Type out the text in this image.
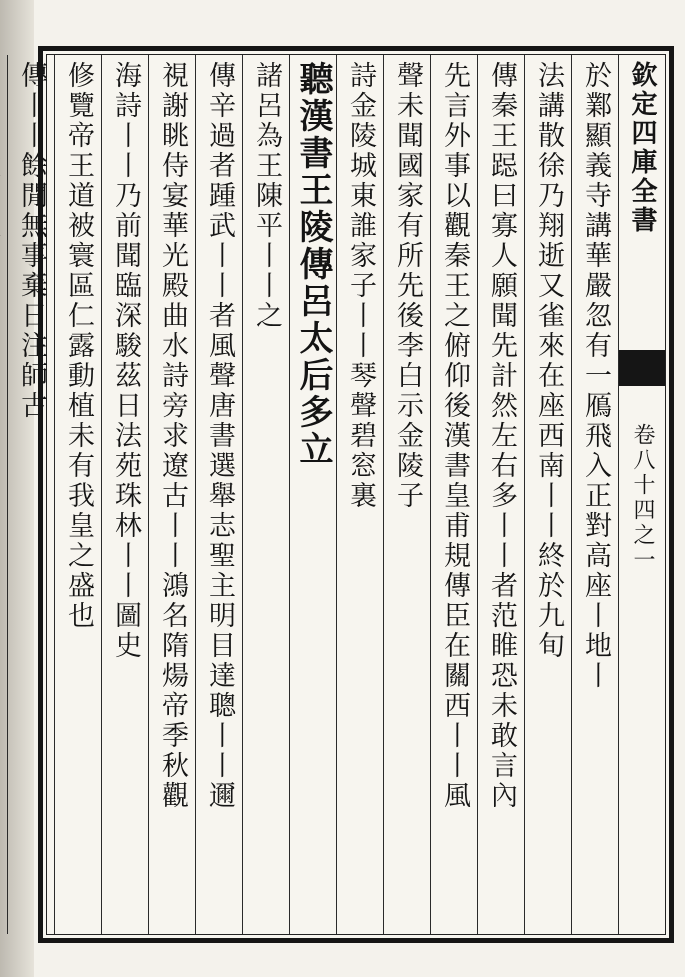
欽定四庫全書
卷八十四之一
於鄴顯義寺講華嚴忽有一鴈飛入正對高座丨地丨
法講散徐乃翔逝又雀來在座西南丨丨終於九旬
傳秦王跽曰寡人願聞先計然左右多丨丨者范睢恐未敢言內
先言外事以觀秦王之俯仰後漢書皇甫規傳臣在關西丨丨風
聲未聞國家有所先後李白示金陵子
詩金陵城東誰家子丨丨琴聲碧窓裏
聽漢書王陵傳呂太后多立
諸呂為王陳平丨丨之
傳辛過者踵武丨丨者風聲唐書選舉志聖主明目達聰丨丨邇
視謝眺侍宴華光殿曲水詩旁求遼古丨丨鴻名隋煬帝季秋觀
海詩丨丨乃前聞臨深駿茲日法苑珠林丨丨圖史
修覽帝王道被寰區仁露動植未有我皇之盛也
傳丨丨餘閒無事棄日注師古
